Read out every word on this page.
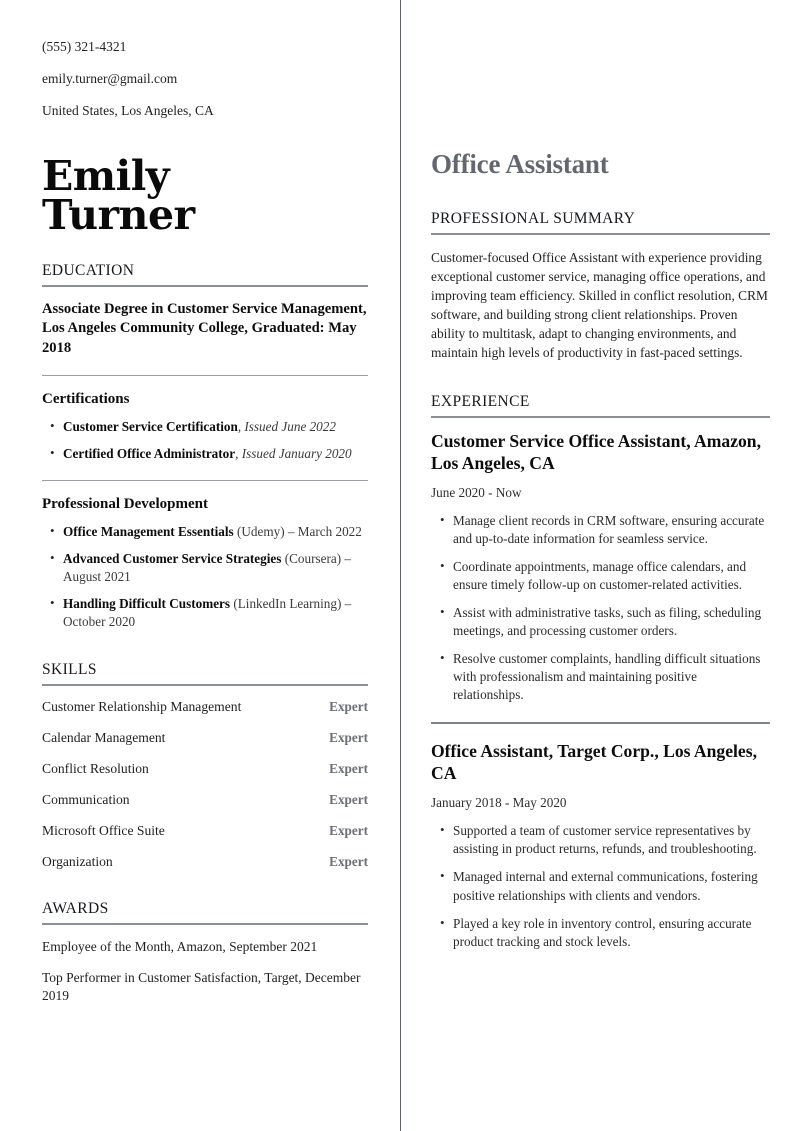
(555) 321-4321
emily.turner@gmail.com
United States, Los Angeles, CA
Emily
Turner
EDUCATION
Associate Degree in Customer Service Management, Los Angeles Community College, Graduated: May 2018
Certifications
• Customer Service Certification, Issued June 2022
• Certified Office Administrator, Issued January 2020
Professional Development
• Office Management Essentials (Udemy) – March 2022
• Advanced Customer Service Strategies (Coursera) – August 2021
• Handling Difficult Customers (LinkedIn Learning) – October 2020
SKILLS
Customer Relationship Management	Expert
Calendar Management	Expert
Conflict Resolution	Expert
Communication	Expert
Microsoft Office Suite	Expert
Organization	Expert
AWARDS
Employee of the Month, Amazon, September 2021
Top Performer in Customer Satisfaction, Target, December 2019
Office Assistant
PROFESSIONAL SUMMARY
Customer-focused Office Assistant with experience providing exceptional customer service, managing office operations, and improving team efficiency. Skilled in conflict resolution, CRM software, and building strong client relationships. Proven ability to multitask, adapt to changing environments, and maintain high levels of productivity in fast-paced settings.
EXPERIENCE
Customer Service Office Assistant, Amazon, Los Angeles, CA
June 2020 - Now
• Manage client records in CRM software, ensuring accurate and up-to-date information for seamless service.
• Coordinate appointments, manage office calendars, and ensure timely follow-up on customer-related activities.
• Assist with administrative tasks, such as filing, scheduling meetings, and processing customer orders.
• Resolve customer complaints, handling difficult situations with professionalism and maintaining positive relationships.
Office Assistant, Target Corp., Los Angeles, CA
January 2018 - May 2020
• Supported a team of customer service representatives by assisting in product returns, refunds, and troubleshooting.
• Managed internal and external communications, fostering positive relationships with clients and vendors.
• Played a key role in inventory control, ensuring accurate product tracking and stock levels.
